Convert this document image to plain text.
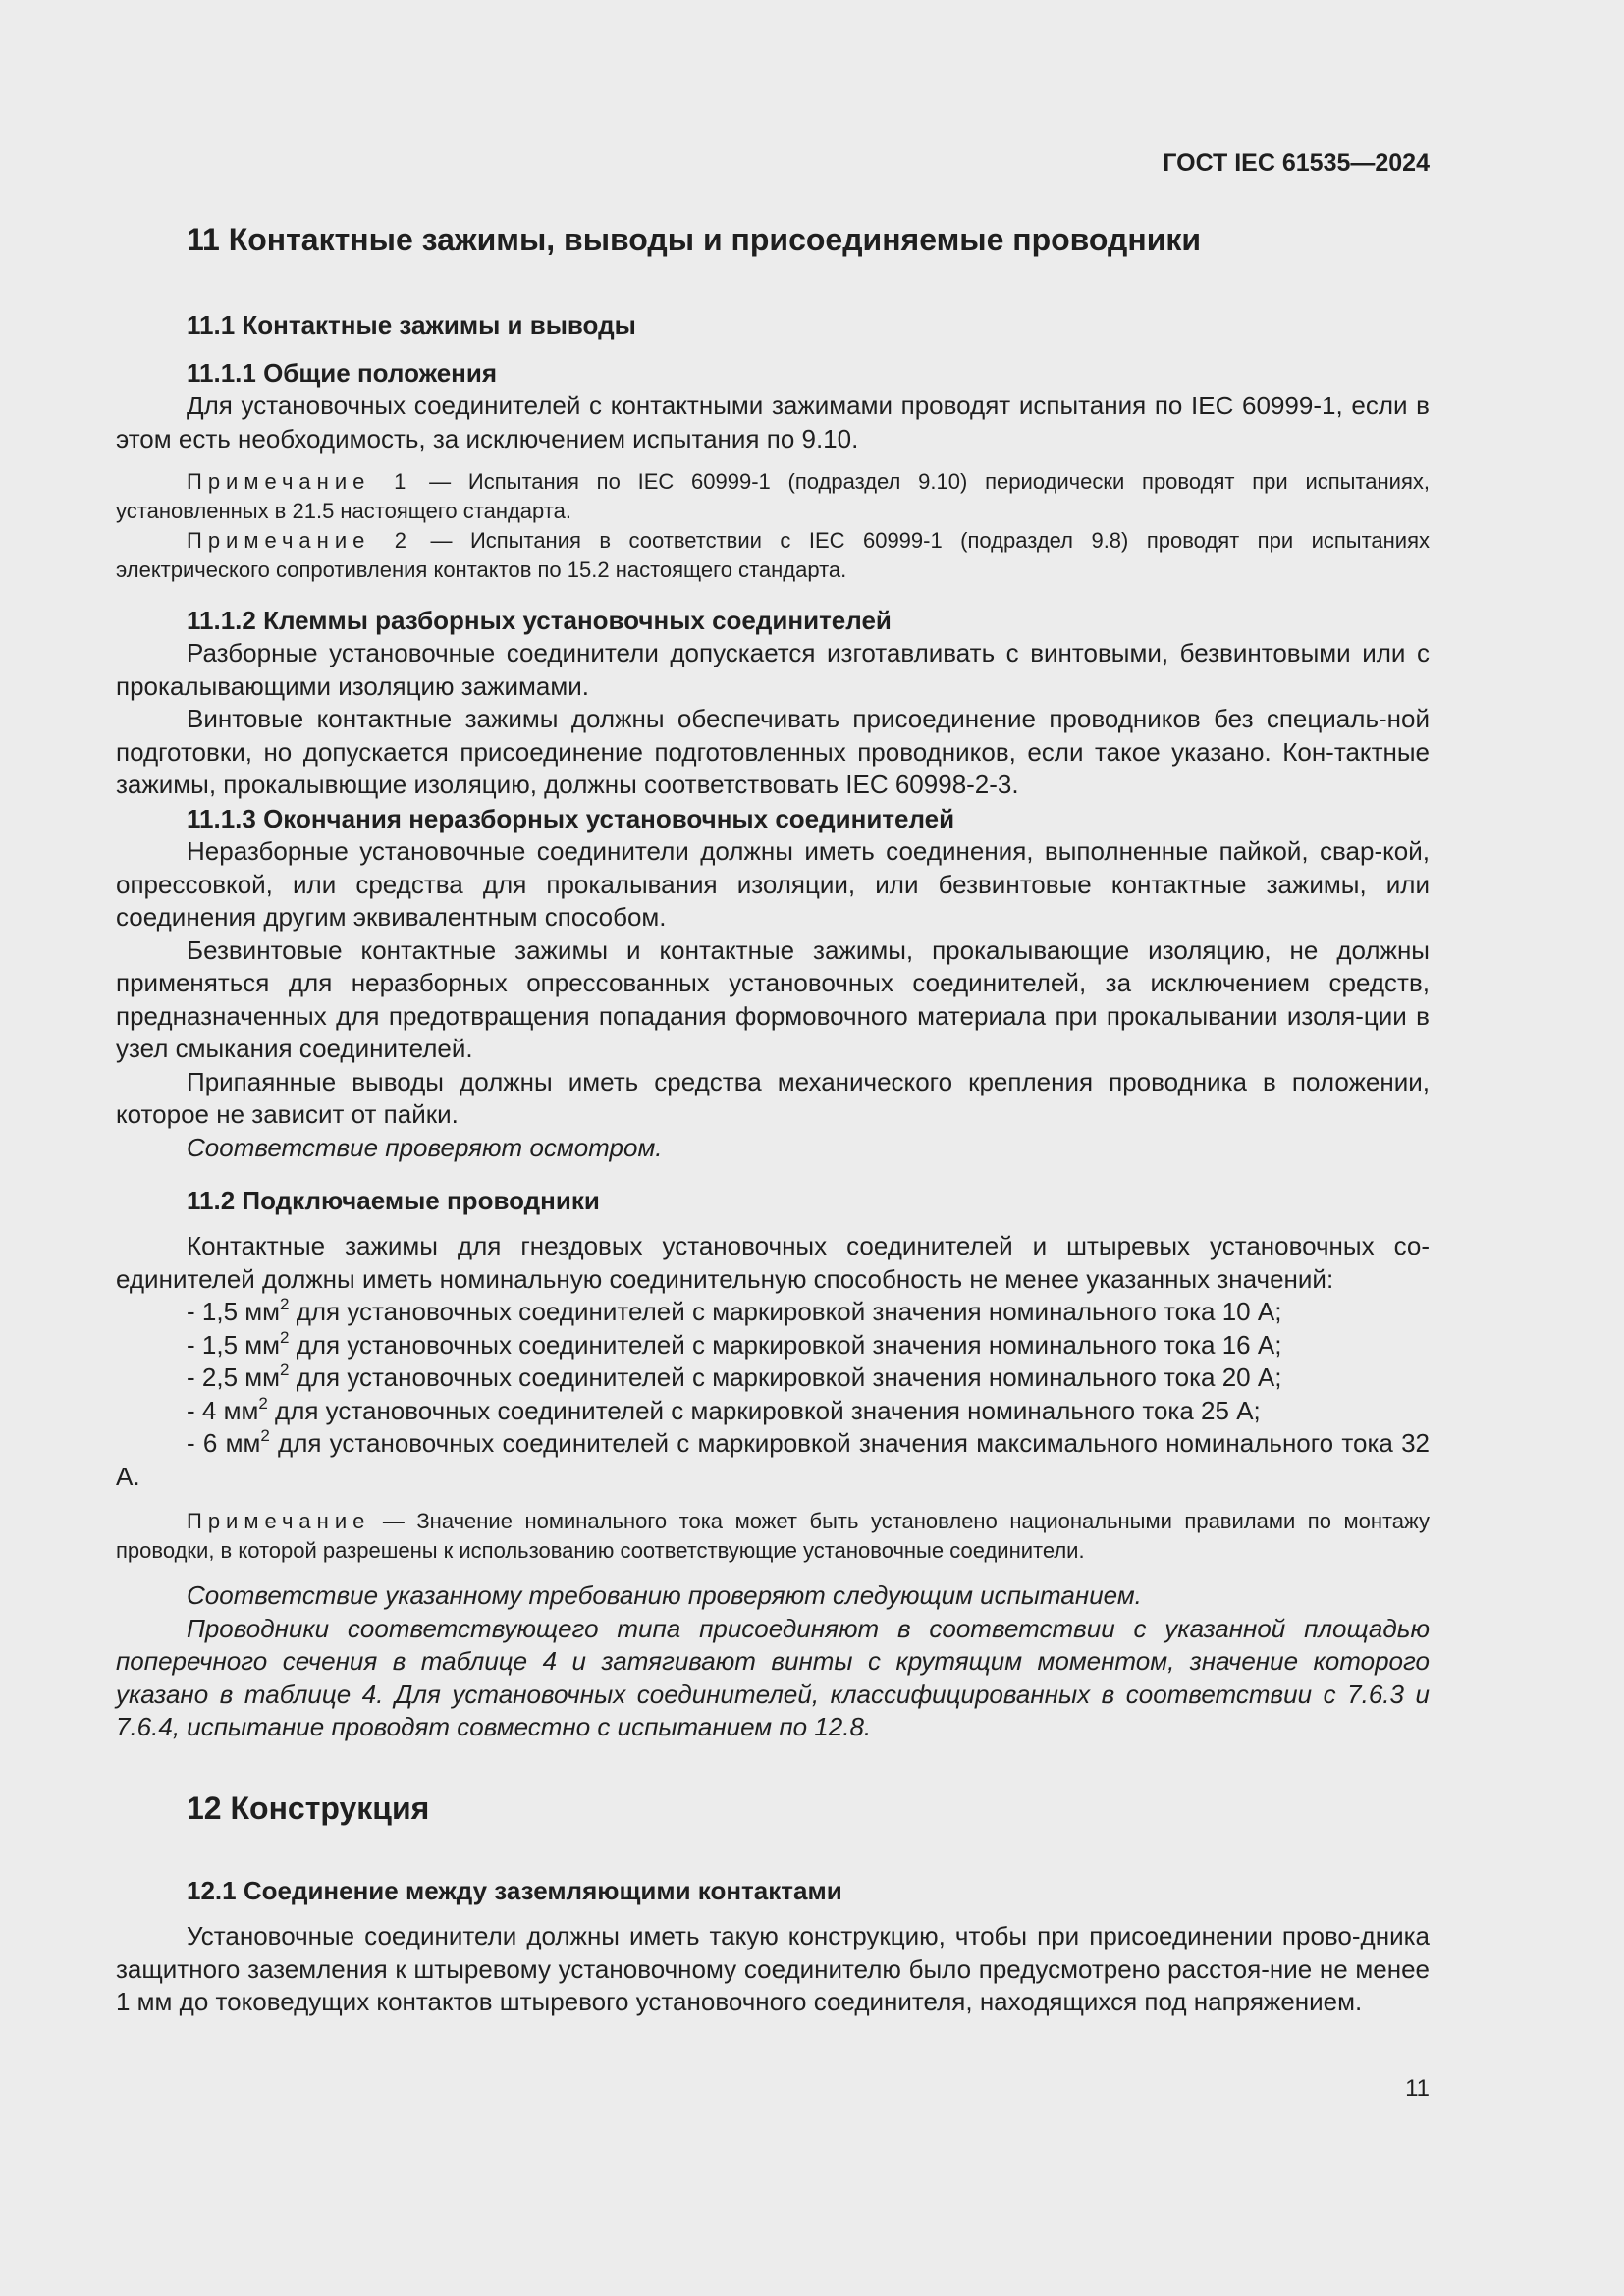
ГОСТ IEC 61535—2024
11 Контактные зажимы, выводы и присоединяемые проводники
11.1 Контактные зажимы и выводы
11.1.1 Общие положения

Для установочных соединителей с контактными зажимами проводят испытания по IEC 60999-1, если в этом есть необходимость, за исключением испытания по 9.10.

Примечание 1 — Испытания по IEC 60999-1 (подраздел 9.10) периодически проводят при испытаниях, установленных в 21.5 настоящего стандарта.

Примечание 2 — Испытания в соответствии с IEC 60999-1 (подраздел 9.8) проводят при испытаниях электрического сопротивления контактов по 15.2 настоящего стандарта.

11.1.2 Клеммы разборных установочных соединителей

Разборные установочные соединители допускается изготавливать с винтовыми, безвинтовыми или с прокалывающими изоляцию зажимами.

Винтовые контактные зажимы должны обеспечивать присоединение проводников без специаль-ной подготовки, но допускается присоединение подготовленных проводников, если такое указано. Кон-тактные зажимы, прокалывющие изоляцию, должны соответствовать IEC 60998-2-3.

11.1.3 Окончания неразборных установочных соединителей

Неразборные установочные соединители должны иметь соединения, выполненные пайкой, свар-кой, опрессовкой, или средства для прокалывания изоляции, или безвинтовые контактные зажимы, или соединения другим эквивалентным способом.

Безвинтовые контактные зажимы и контактные зажимы, прокалывающие изоляцию, не должны применяться для неразборных опрессованных установочных соединителей, за исключением средств, предназначенных для предотвращения попадания формовочного материала при прокалывании изоля-ции в узел смыкания соединителей.

Припаянные выводы должны иметь средства механического крепления проводника в положении, которое не зависит от пайки.

Соответствие проверяют осмотром.

11.2 Подключаемые проводники

Контактные зажимы для гнездовых установочных соединителей и штыревых установочных со-единителей должны иметь номинальную соединительную способность не менее указанных значений:

- 1,5 $мм^2$ для установочных соединителей с маркировкой значения номинального тока 10 А;

- 1,5 $мм^2$ для установочных соединителей с маркировкой значения номинального тока 16 А;

- 2,5 $мм^2$ для установочных соединителей с маркировкой значения номинального тока 20 А;

- 4 $мм^2$ для установочных соединителей с маркировкой значения номинального тока 25 А;

- 6 $мм^2$ для установочных соединителей с маркировкой значения максимального номинального тока 32 А.

Примечание — Значение номинального тока может быть установлено национальными правилами по монтажу проводки, в которой разрешены к использованию соответствующие установочные соединители.

Соответствие указанному требованию проверяют следующим испытанием.

Проводники соответствующего типа присоединяют в соответствии с указанной площадью поперечного сечения в таблице 4 и затягивают винты с крутящим моментом, значение которого указано в таблице 4. Для установочных соединителей, классифицированных в соответствии с 7.6.3 и 7.6.4, испытание проводят совместно с испытанием по 12.8.

12 Конструкция
12.1 Соединение между заземляющими контактами

Установочные соединители должны иметь такую конструкцию, чтобы при присоединении прово-дника защитного заземления к штыревому установочному соединителю было предусмотрено расстоя-ние не менее 1 мм до токоведущих контактов штыревого установочного соединителя, находящихся под напряжением.

11
